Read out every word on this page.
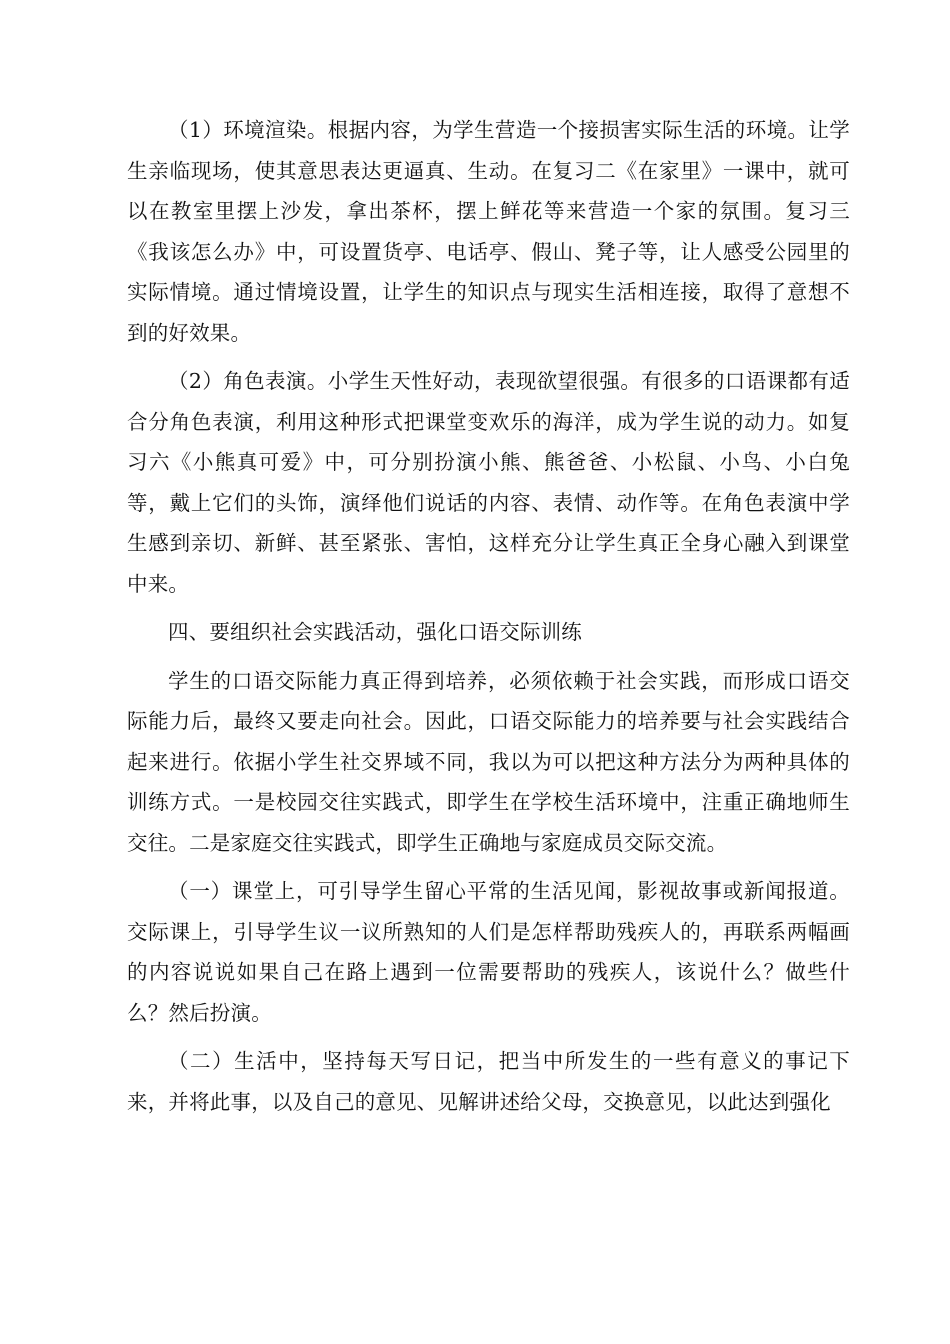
（1）环境渲染。根据内容，为学生营造一个接损害实际生活的环境。让学生亲临现场，使其意思表达更逼真、生动。在复习二《在家里》一课中，就可以在教室里摆上沙发，拿出茶杯，摆上鲜花等来营造一个家的氛围。复习三《我该怎么办》中，可设置货亭、电话亭、假山、凳子等，让人感受公园里的实际情境。通过情境设置，让学生的知识点与现实生活相连接，取得了意想不到的好效果。

（2）角色表演。小学生天性好动，表现欲望很强。有很多的口语课都有适合分角色表演，利用这种形式把课堂变欢乐的海洋，成为学生说的动力。如复习六《小熊真可爱》中，可分别扮演小熊、熊爸爸、小松鼠、小鸟、小白兔等，戴上它们的头饰，演绎他们说话的内容、表情、动作等。在角色表演中学生感到亲切、新鲜、甚至紧张、害怕，这样充分让学生真正全身心融入到课堂中来。

四、要组织社会实践活动，强化口语交际训练

学生的口语交际能力真正得到培养，必须依赖于社会实践，而形成口语交际能力后，最终又要走向社会。因此，口语交际能力的培养要与社会实践结合起来进行。依据小学生社交界域不同，我以为可以把这种方法分为两种具体的训练方式。一是校园交往实践式，即学生在学校生活环境中，注重正确地师生交往。二是家庭交往实践式，即学生正确地与家庭成员交际交流。

（一）课堂上，可引导学生留心平常的生活见闻，影视故事或新闻报道。交际课上，引导学生议一议所熟知的人们是怎样帮助残疾人的，再联系两幅画的内容说说如果自己在路上遇到一位需要帮助的残疾人，该说什么？做些什么？然后扮演。

（二）生活中，坚持每天写日记，把当中所发生的一些有意义的事记下来，并将此事，以及自己的意见、见解讲述给父母，交换意见，以此达到强化
